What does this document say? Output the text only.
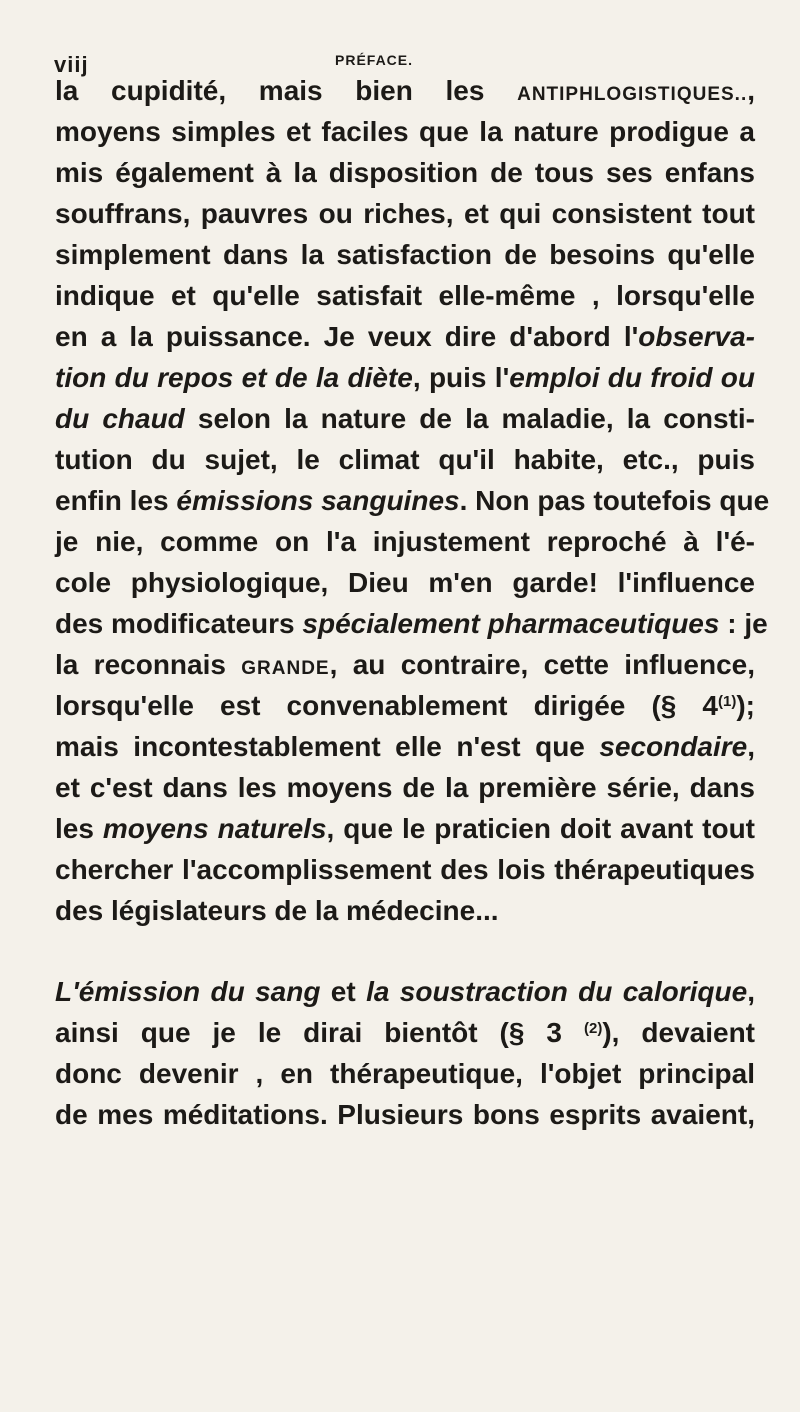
viij	PRÉFACE.
la cupidité, mais bien les ANTIPHLOGISTIQUES..,
moyens simples et faciles que la nature prodigue a
mis également à la disposition de tous ses enfans
souffrans, pauvres ou riches, et qui consistent tout
simplement dans la satisfaction de besoins qu'elle
indique et qu'elle satisfait elle-même , lorsqu'elle
en a la puissance. Je veux dire d'abord l'observa-
tion du repos et de la diète, puis l'emploi du froid ou
du chaud selon la nature de la maladie, la consti-
tution du sujet, le climat qu'il habite, etc., puis
enfin les émissions sanguines. Non pas toutefois que
je nie, comme on l'a injustement reproché à l'é-
cole physiologique, Dieu m'en garde! l'influence
des modificateurs spécialement pharmaceutiques : je
la reconnais GRANDE, au contraire, cette influence,
lorsqu'elle est convenablement dirigée (§ 4$^{(1)}$);
mais incontestablement elle n'est que secondaire,
et c'est dans les moyens de la première série, dans
les moyens naturels, que le praticien doit avant tout
chercher l'accomplissement des lois thérapeutiques
des législateurs de la médecine...
L'émission du sang et la soustraction du calorique,
ainsi que je le dirai bientôt (§ 3 $^{(2)}$), devaient
donc devenir , en thérapeutique, l'objet principal
de mes méditations. Plusieurs bons esprits avaient,
